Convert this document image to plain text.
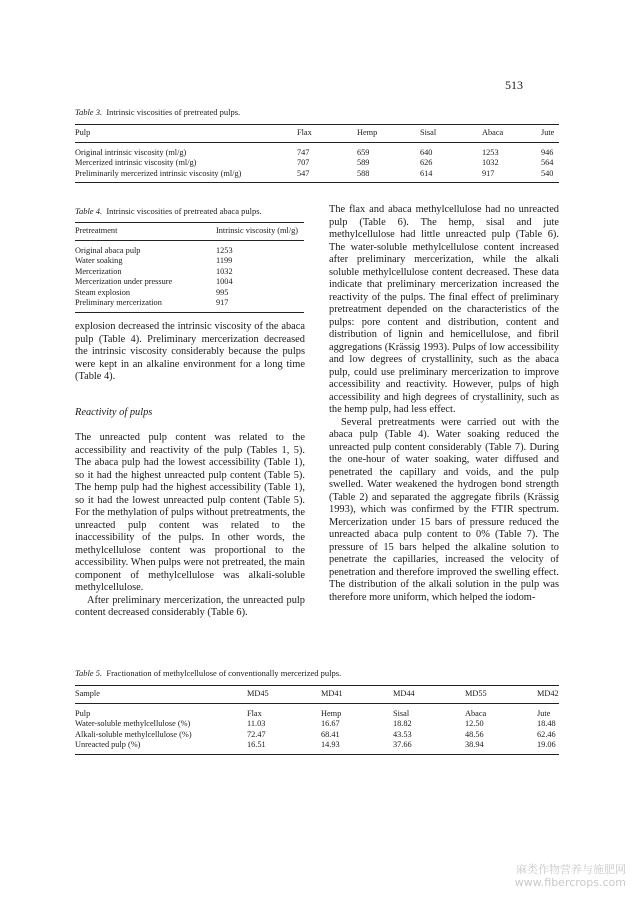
513
Table 3. Intrinsic viscosities of pretreated pulps.
Pulp	Flax	Hemp	Sisal	Abaca	Jute
Original intrinsic viscosity (ml/g)	747	659	640	1253	946
Mercerized intrinsic viscosity (ml/g)	707	589	626	1032	564
Preliminarily mercerized intrinsic viscosity (ml/g)	547	588	614	917	540
Table 4. Intrinsic viscosities of pretreated abaca pulps.
Pretreatment	Intrinsic viscosity (ml/g)
Original abaca pulp	1253
Water soaking	1199
Mercerization	1032
Mercerization under pressure	1004
Steam explosion	995
Preliminary mercerization	917

explosion decreased the intrinsic viscosity of the abaca pulp (Table 4). Preliminary mercerization decreased the intrinsic viscosity considerably because the pulps were kept in an alkaline environment for a long time (Table 4).

Reactivity of pulps

The unreacted pulp content was related to the accessibility and reactivity of the pulp (Tables 1, 5). The abaca pulp had the lowest accessibility (Table 1), so it had the highest unreacted pulp content (Table 5). The hemp pulp had the highest accessibility (Table 1), so it had the lowest unreacted pulp content (Table 5). For the methylation of pulps without pretreatments, the unreacted pulp content was related to the inaccessibility of the pulps. In other words, the methylcellulose content was proportional to the accessibility. When pulps were not pretreated, the main component of methylcellulose was alkali-soluble methylcellulose.

After preliminary mercerization, the unreacted pulp content decreased considerably (Table 6).

The flax and abaca methylcellulose had no unreacted pulp (Table 6). The hemp, sisal and jute methylcellulose had little unreacted pulp (Table 6). The water-soluble methylcellulose content increased after preliminary mercerization, while the alkali soluble methylcellulose content decreased. These data indicate that preliminary mercerization increased the reactivity of the pulps. The final effect of preliminary pretreatment depended on the characteristics of the pulps: pore content and distribution, content and distribution of lignin and hemicellulose, and fibril aggregations (Krässig 1993). Pulps of low accessibility and low degrees of crystallinity, such as the abaca pulp, could use preliminary mercerization to improve accessibility and reactivity. However, pulps of high accessibility and high degrees of crystallinity, such as the hemp pulp, had less effect.

Several pretreatments were carried out with the abaca pulp (Table 4). Water soaking reduced the unreacted pulp content considerably (Table 7). During the one-hour of water soaking, water diffused and penetrated the capillary and voids, and the pulp swelled. Water weakened the hydrogen bond strength (Table 2) and separated the aggregate fibrils (Krässig 1993), which was confirmed by the FTIR spectrum. Mercerization under 15 bars of pressure reduced the unreacted abaca pulp content to 0% (Table 7). The pressure of 15 bars helped the alkaline solution to penetrate the capillaries, increased the velocity of penetration and therefore improved the swelling effect. The distribution of the alkali solution in the pulp was therefore more uniform, which helped the iodom-

Table 5. Fractionation of methylcellulose of conventionally mercerized pulps.
Sample	MD45	MD41	MD44	MD55	MD42
Pulp	Flax	Hemp	Sisal	Abaca	Jute
Water-soluble methylcellulose (%)	11.03	16.67	18.82	12.50	18.48
Alkali-soluble methylcellulose (%)	72.47	68.41	43.53	48.56	62.46
Unreacted pulp (%)	16.51	14.93	37.66	38.94	19.06
麻类作物营养与施肥网
www.fibercrops.com
